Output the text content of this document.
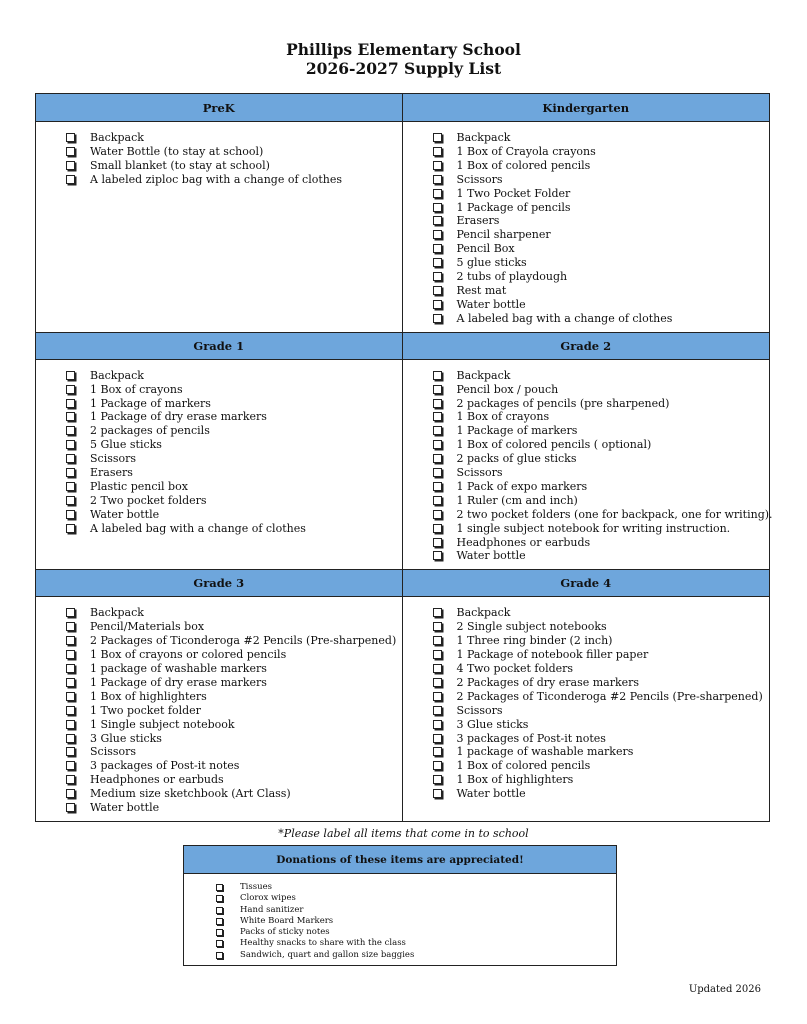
Phillips Elementary School
2026-2027 Supply List
PreK
Backpack
Water Bottle (to stay at school)
Small blanket (to stay at school)
A labeled ziploc bag with a change of clothes
Kindergarten
Backpack
1 Box of Crayola crayons
1 Box of colored pencils
Scissors
1 Two Pocket Folder
1 Package of pencils
Erasers
Pencil sharpener
Pencil Box
5 glue sticks
2 tubs of playdough
Rest mat
Water bottle
A labeled bag with a change of clothes
Grade 1
Backpack
1 Box of crayons
1 Package of markers
1 Package of dry erase markers
2 packages of pencils
5 Glue sticks
Scissors
Erasers
Plastic pencil box
2 Two pocket folders
Water bottle
A labeled bag with a change of clothes
Grade 2
Backpack
Pencil box / pouch
2 packages of pencils (pre sharpened)
1 Box of crayons
1 Package of markers
1 Box of colored pencils ( optional)
2 packs of glue sticks
Scissors
1 Pack of expo markers
1 Ruler (cm and inch)
2 two pocket folders (one for backpack, one for writing).
1 single subject notebook for writing instruction.
Headphones or earbuds
Water bottle
Grade 3
Backpack
Pencil/Materials box
2 Packages of Ticonderoga #2 Pencils (Pre-sharpened)
1 Box of crayons or colored pencils
1 package of washable markers
1 Package of dry erase markers
1 Box of highlighters
1 Two pocket folder
1 Single subject notebook
3 Glue sticks
Scissors
3 packages of Post-it notes
Headphones or earbuds
Medium size sketchbook (Art Class)
Water bottle
Grade 4
Backpack
2 Single subject notebooks
1 Three ring binder (2 inch)
1 Package of notebook filler paper
4 Two pocket folders
2 Packages of dry erase markers
2 Packages of Ticonderoga #2 Pencils (Pre-sharpened)
Scissors
3 Glue sticks
3 packages of Post-it notes
1 package of washable markers
1 Box of colored pencils
1 Box of highlighters
Water bottle
*Please label all items that come in to school
Donations of these items are appreciated!
Tissues
Clorox wipes
Hand sanitizer
White Board Markers
Packs of sticky notes
Healthy snacks to share with the class
Sandwich, quart and gallon size baggies
Updated 2026
